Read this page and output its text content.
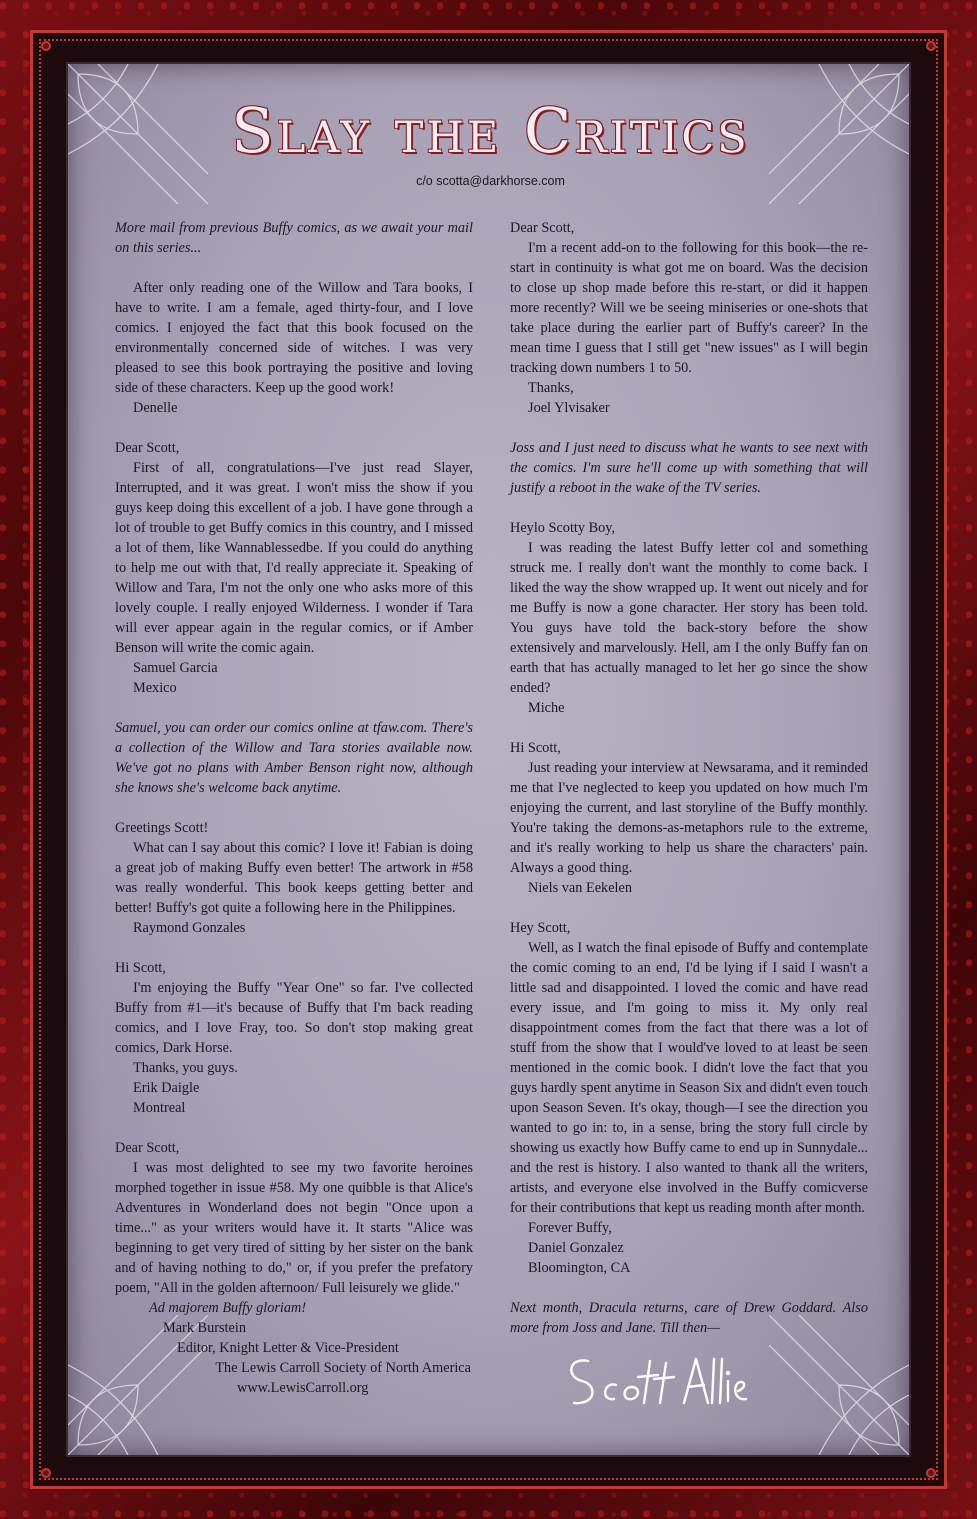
Slay the Critics
c/o scotta@darkhorse.com

More mail from previous Buffy comics, as we await your mail on this series...

After only reading one of the Willow and Tara books, I have to write. I am a female, aged thirty-four, and I love comics. I enjoyed the fact that this book focused on the environmentally concerned side of witches. I was very pleased to see this book portraying the positive and loving side of these characters. Keep up the good work!

Denelle

Dear Scott,

First of all, congratulations—I've just read Slayer, Interrupted, and it was great. I won't miss the show if you guys keep doing this excellent of a job. I have gone through a lot of trouble to get Buffy comics in this country, and I missed a lot of them, like Wannablessedbe. If you could do anything to help me out with that, I'd really appreciate it. Speaking of Willow and Tara, I'm not the only one who asks more of this lovely couple. I really enjoyed Wilderness. I wonder if Tara will ever appear again in the regular comics, or if Amber Benson will write the comic again.

Samuel Garcia

Mexico

Samuel, you can order our comics online at tfaw.com. There's a collection of the Willow and Tara stories available now. We've got no plans with Amber Benson right now, although she knows she's welcome back anytime.

Greetings Scott!

What can I say about this comic? I love it! Fabian is doing a great job of making Buffy even better! The artwork in #58 was really wonderful. This book keeps getting better and better! Buffy's got quite a following here in the Philippines.

Raymond Gonzales

Hi Scott,

I'm enjoying the Buffy "Year One" so far. I've collected Buffy from #1—it's because of Buffy that I'm back reading comics, and I love Fray, too. So don't stop making great comics, Dark Horse.

Thanks, you guys.

Erik Daigle

Montreal

Dear Scott,

I was most delighted to see my two favorite heroines morphed together in issue #58. My one quibble is that Alice's Adventures in Wonderland does not begin "Once upon a time..." as your writers would have it. It starts "Alice was beginning to get very tired of sitting by her sister on the bank and of having nothing to do," or, if you prefer the prefatory poem, "All in the golden afternoon/ Full leisurely we glide."

Ad majorem Buffy gloriam!

Mark Burstein

Editor, Knight Letter & Vice-President

The Lewis Carroll Society of North America

www.LewisCarroll.org

Dear Scott,

I'm a recent add-on to the following for this book—the re-start in continuity is what got me on board. Was the decision to close up shop made before this re-start, or did it happen more recently? Will we be seeing miniseries or one-shots that take place during the earlier part of Buffy's career? In the mean time I guess that I still get "new issues" as I will begin tracking down numbers 1 to 50.

Thanks,

Joel Ylvisaker

Joss and I just need to discuss what he wants to see next with the comics. I'm sure he'll come up with something that will justify a reboot in the wake of the TV series.

Heylo Scotty Boy,

I was reading the latest Buffy letter col and something struck me. I really don't want the monthly to come back. I liked the way the show wrapped up. It went out nicely and for me Buffy is now a gone character. Her story has been told. You guys have told the back-story before the show extensively and marvelously. Hell, am I the only Buffy fan on earth that has actually managed to let her go since the show ended?

Miche

Hi Scott,

Just reading your interview at Newsarama, and it reminded me that I've neglected to keep you updated on how much I'm enjoying the current, and last storyline of the Buffy monthly. You're taking the demons-as-metaphors rule to the extreme, and it's really working to help us share the characters' pain. Always a good thing.

Niels van Eekelen

Hey Scott,

Well, as I watch the final episode of Buffy and contemplate the comic coming to an end, I'd be lying if I said I wasn't a little sad and disappointed. I loved the comic and have read every issue, and I'm going to miss it. My only real disappointment comes from the fact that there was a lot of stuff from the show that I would've loved to at least be seen mentioned in the comic book. I didn't love the fact that you guys hardly spent anytime in Season Six and didn't even touch upon Season Seven. It's okay, though—I see the direction you wanted to go in: to, in a sense, bring the story full circle by showing us exactly how Buffy came to end up in Sunnydale... and the rest is history. I also wanted to thank all the writers, artists, and everyone else involved in the Buffy comicverse for their contributions that kept us reading month after month.

Forever Buffy,

Daniel Gonzalez

Bloomington, CA

Next month, Dracula returns, care of Drew Goddard. Also more from Joss and Jane. Till then—
